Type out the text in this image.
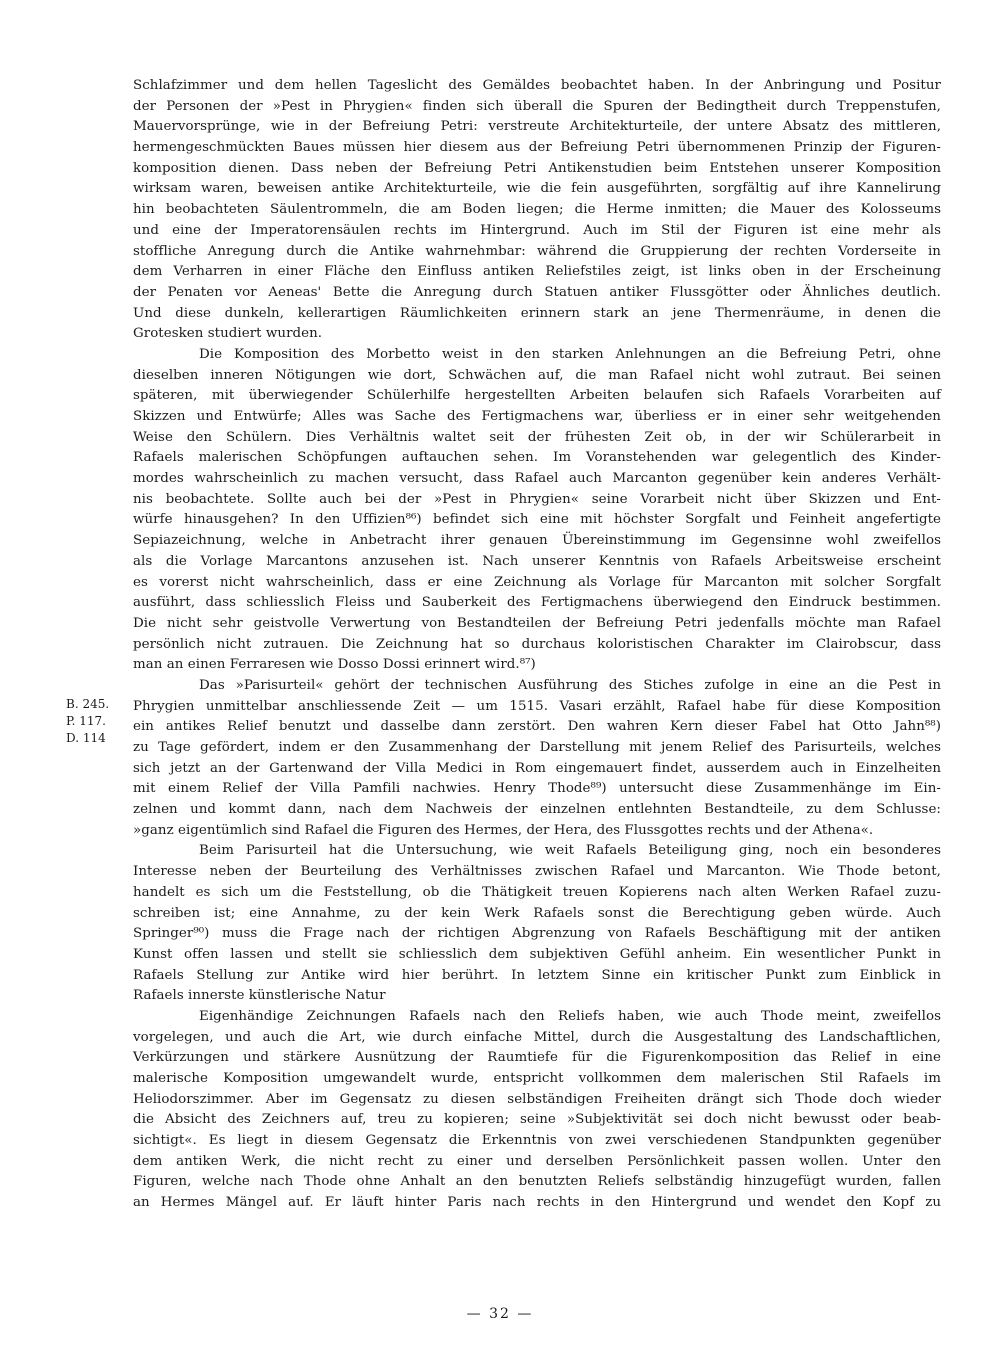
Schlafzimmer und dem hellen Tageslicht des Gemäldes beobachtet haben. In der Anbringung und Positur
der Personen der »Pest in Phrygien« finden sich überall die Spuren der Bedingtheit durch Treppenstufen,
Mauervorsprünge, wie in der Befreiung Petri: verstreute Architekturteile, der untere Absatz des mittleren,
hermengeschmückten Baues müssen hier diesem aus der Befreiung Petri übernommenen Prinzip der Figuren-
komposition dienen. Dass neben der Befreiung Petri Antikenstudien beim Entstehen unserer Komposition
wirksam waren, beweisen antike Architekturteile, wie die fein ausgeführten, sorgfältig auf ihre Kannelirung
hin beobachteten Säulentrommeln, die am Boden liegen; die Herme inmitten; die Mauer des Kolosseums
und eine der Imperatorensäulen rechts im Hintergrund. Auch im Stil der Figuren ist eine mehr als
stoffliche Anregung durch die Antike wahrnehmbar: während die Gruppierung der rechten Vorderseite in
dem Verharren in einer Fläche den Einfluss antiken Reliefstiles zeigt, ist links oben in der Erscheinung
der Penaten vor Aeneas' Bette die Anregung durch Statuen antiker Flussgötter oder Ähnliches deutlich.
Und diese dunkeln, kellerartigen Räumlichkeiten erinnern stark an jene Thermenräume, in denen die
Grotesken studiert wurden.
Die Komposition des Morbetto weist in den starken Anlehnungen an die Befreiung Petri, ohne
dieselben inneren Nötigungen wie dort, Schwächen auf, die man Rafael nicht wohl zutraut. Bei seinen
späteren, mit überwiegender Schülerhilfe hergestellten Arbeiten belaufen sich Rafaels Vorarbeiten auf
Skizzen und Entwürfe; Alles was Sache des Fertigmachens war, überliess er in einer sehr weitgehenden
Weise den Schülern. Dies Verhältnis waltet seit der frühesten Zeit ob, in der wir Schülerarbeit in
Rafaels malerischen Schöpfungen auftauchen sehen. Im Voranstehenden war gelegentlich des Kinder-
mordes wahrscheinlich zu machen versucht, dass Rafael auch Marcanton gegenüber kein anderes Verhält-
nis beobachtete. Sollte auch bei der »Pest in Phrygien« seine Vorarbeit nicht über Skizzen und Ent-
würfe hinausgehen? In den Uffizien⁸⁶) befindet sich eine mit höchster Sorgfalt und Feinheit angefertigte
Sepiazeichnung, welche in Anbetracht ihrer genauen Übereinstimmung im Gegensinne wohl zweifellos
als die Vorlage Marcantons anzusehen ist. Nach unserer Kenntnis von Rafaels Arbeitsweise erscheint
es vorerst nicht wahrscheinlich, dass er eine Zeichnung als Vorlage für Marcanton mit solcher Sorgfalt
ausführt, dass schliesslich Fleiss und Sauberkeit des Fertigmachens überwiegend den Eindruck bestimmen.
Die nicht sehr geistvolle Verwertung von Bestandteilen der Befreiung Petri jedenfalls möchte man Rafael
persönlich nicht zutrauen. Die Zeichnung hat so durchaus koloristischen Charakter im Clairobscur, dass
man an einen Ferraresen wie Dosso Dossi erinnert wird.⁸⁷)
Das »Parisurteil« gehört der technischen Ausführung des Stiches zufolge in eine an die Pest in
Phrygien unmittelbar anschliessende Zeit — um 1515. Vasari erzählt, Rafael habe für diese Komposition
ein antikes Relief benutzt und dasselbe dann zerstört. Den wahren Kern dieser Fabel hat Otto Jahn⁸⁸)
zu Tage gefördert, indem er den Zusammenhang der Darstellung mit jenem Relief des Parisurteils, welches
sich jetzt an der Gartenwand der Villa Medici in Rom eingemauert findet, ausserdem auch in Einzelheiten
mit einem Relief der Villa Pamfili nachwies. Henry Thode⁸⁹) untersucht diese Zusammenhänge im Ein-
zelnen und kommt dann, nach dem Nachweis der einzelnen entlehnten Bestandteile, zu dem Schlusse:
»ganz eigentümlich sind Rafael die Figuren des Hermes, der Hera, des Flussgottes rechts und der Athena«.
Beim Parisurteil hat die Untersuchung, wie weit Rafaels Beteiligung ging, noch ein besonderes
Interesse neben der Beurteilung des Verhältnisses zwischen Rafael und Marcanton. Wie Thode betont,
handelt es sich um die Feststellung, ob die Thätigkeit treuen Kopierens nach alten Werken Rafael zuzu-
schreiben ist; eine Annahme, zu der kein Werk Rafaels sonst die Berechtigung geben würde. Auch
Springer⁹⁰) muss die Frage nach der richtigen Abgrenzung von Rafaels Beschäftigung mit der antiken
Kunst offen lassen und stellt sie schliesslich dem subjektiven Gefühl anheim. Ein wesentlicher Punkt in
Rafaels Stellung zur Antike wird hier berührt. In letztem Sinne ein kritischer Punkt zum Einblick in
Rafaels innerste künstlerische Natur
Eigenhändige Zeichnungen Rafaels nach den Reliefs haben, wie auch Thode meint, zweifellos
vorgelegen, und auch die Art, wie durch einfache Mittel, durch die Ausgestaltung des Landschaftlichen,
Verkürzungen und stärkere Ausnützung der Raumtiefe für die Figurenkomposition das Relief in eine
malerische Komposition umgewandelt wurde, entspricht vollkommen dem malerischen Stil Rafaels im
Heliodorszimmer. Aber im Gegensatz zu diesen selbständigen Freiheiten drängt sich Thode doch wieder
die Absicht des Zeichners auf, treu zu kopieren; seine »Subjektivität sei doch nicht bewusst oder beab-
sichtigt«. Es liegt in diesem Gegensatz die Erkenntnis von zwei verschiedenen Standpunkten gegenüber
dem antiken Werk, die nicht recht zu einer und derselben Persönlichkeit passen wollen. Unter den
Figuren, welche nach Thode ohne Anhalt an den benutzten Reliefs selbständig hinzugefügt wurden, fallen
an Hermes Mängel auf. Er läuft hinter Paris nach rechts in den Hintergrund und wendet den Kopf zu
B. 245.
P. 117.
D. 114
— 32 —
